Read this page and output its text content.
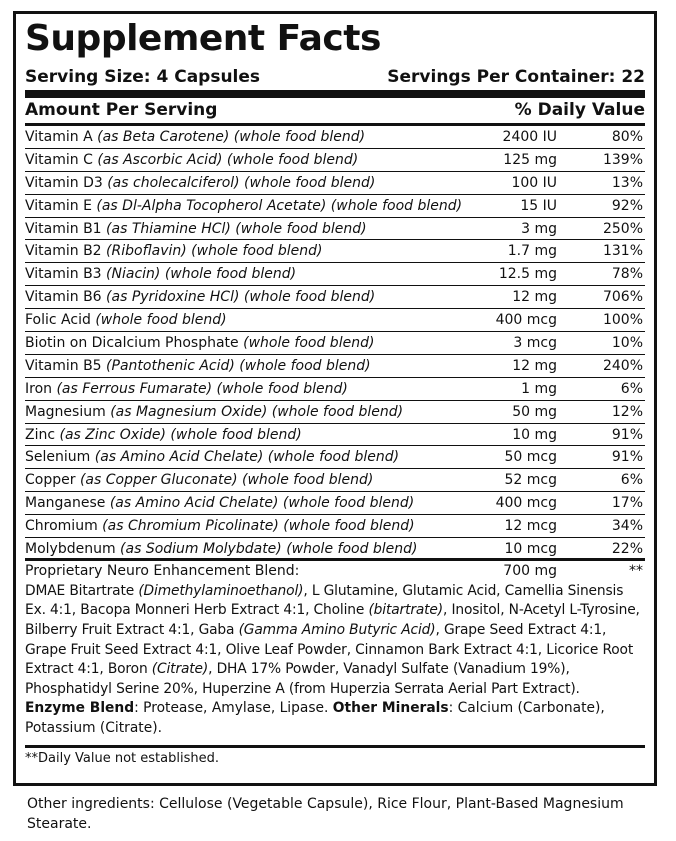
Supplement Facts
Serving Size: 4 Capsules	Servings Per Container: 22
Amount Per Serving	% Daily Value
Vitamin A (as Beta Carotene) (whole food blend)	2400 IU	80%
Vitamin C (as Ascorbic Acid) (whole food blend)	125 mg	139%
Vitamin D3 (as cholecalciferol) (whole food blend)	100 IU	13%
Vitamin E (as Dl-Alpha Tocopherol Acetate) (whole food blend)	15 IU	92%
Vitamin B1 (as Thiamine HCl) (whole food blend)	3 mg	250%
Vitamin B2 (Riboflavin) (whole food blend)	1.7 mg	131%
Vitamin B3 (Niacin) (whole food blend)	12.5 mg	78%
Vitamin B6 (as Pyridoxine HCl) (whole food blend)	12 mg	706%
Folic Acid (whole food blend)	400 mcg	100%
Biotin on Dicalcium Phosphate (whole food blend)	3 mcg	10%
Vitamin B5 (Pantothenic Acid) (whole food blend)	12 mg	240%
Iron (as Ferrous Fumarate) (whole food blend)	1 mg	6%
Magnesium (as Magnesium Oxide) (whole food blend)	50 mg	12%
Zinc (as Zinc Oxide) (whole food blend)	10 mg	91%
Selenium (as Amino Acid Chelate) (whole food blend)	50 mcg	91%
Copper (as Copper Gluconate) (whole food blend)	52 mcg	6%
Manganese (as Amino Acid Chelate) (whole food blend)	400 mcg	17%
Chromium (as Chromium Picolinate) (whole food blend)	12 mcg	34%
Molybdenum (as Sodium Molybdate) (whole food blend)	10 mcg	22%
Proprietary Neuro Enhancement Blend:	700 mg	**
DMAE Bitartrate (Dimethylaminoethanol), L Glutamine, Glutamic Acid, Camellia Sinensis Ex. 4:1, Bacopa Monneri Herb Extract 4:1, Choline (bitartrate), Inositol, N-Acetyl L-Tyrosine, Bilberry Fruit Extract 4:1, Gaba (Gamma Amino Butyric Acid), Grape Seed Extract 4:1, Grape Fruit Seed Extract 4:1, Olive Leaf Powder, Cinnamon Bark Extract 4:1, Licorice Root Extract 4:1, Boron (Citrate), DHA 17% Powder, Vanadyl Sulfate (Vanadium 19%), Phosphatidyl Serine 20%, Huperzine A (from Huperzia Serrata Aerial Part Extract).
Enzyme Blend: Protease, Amylase, Lipase. Other Minerals: Calcium (Carbonate), Potassium (Citrate).
**Daily Value not established.
Other ingredients: Cellulose (Vegetable Capsule), Rice Flour, Plant-Based Magnesium Stearate.
